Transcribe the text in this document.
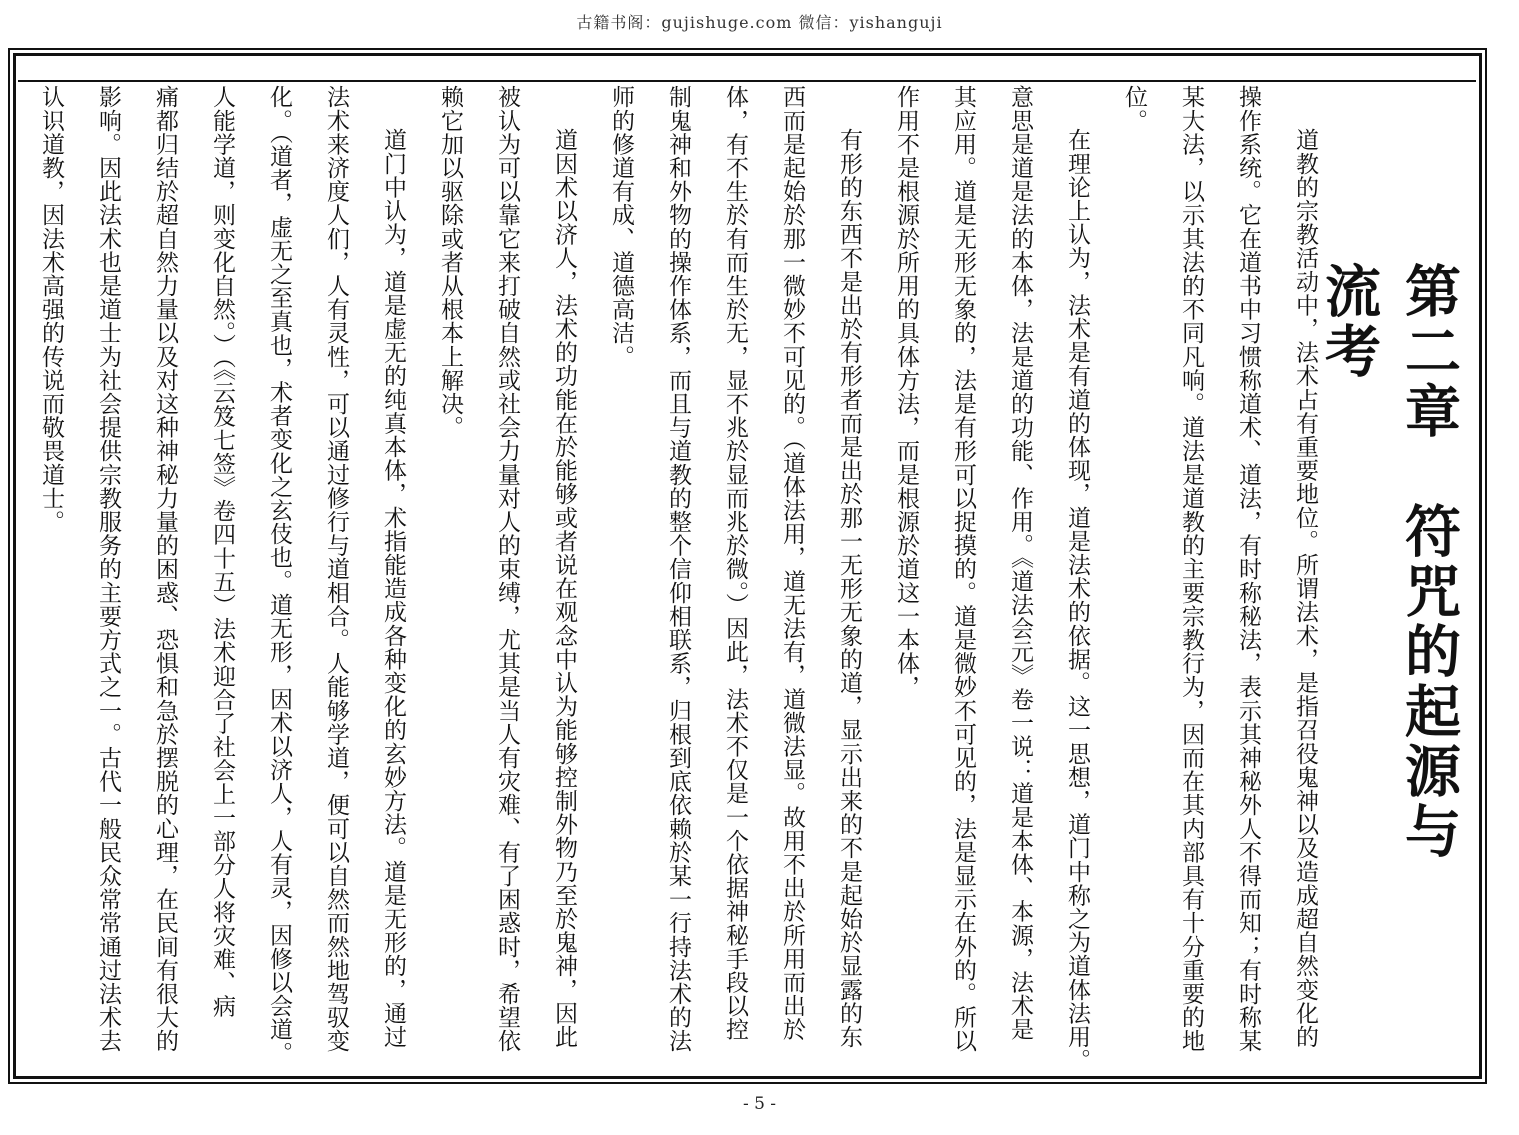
古籍书阁：gujishuge.com 微信：yishanguji
第二章　符咒的起源与流考
道教的宗教活动中，法术占有重要地位。所谓法术，是指召役鬼神以及造成超自然变化的
操作系统。它在道书中习惯称道术、道法，有时称秘法，表示其神秘外人不得而知；有时称某
某大法，以示其法的不同凡响。道法是道教的主要宗教行为，因而在其内部具有十分重要的地
位。
在理论上认为，法术是有道的体现，道是法术的依据。这一思想，道门中称之为道体法用。
意思是道是法的本体，法是道的功能、作用。《道法会元》卷一说：道是本体、本源，法术是
其应用。道是无形无象的，法是有形可以捉摸的。道是微妙不可见的，法是显示在外的。所以
作用不是根源於所用的具体方法，而是根源於道这一本体，
有形的东西不是出於有形者而是出於那一无形无象的道，显示出来的不是起始於显露的东
西而是起始於那一微妙不可见的。（道体法用，道无法有，道微法显。故用不出於所用而出於
体，有不生於有而生於无，显不兆於显而兆於微。）因此，法术不仅是一个依据神秘手段以控
制鬼神和外物的操作体系，而且与道教的整个信仰相联系，归根到底依赖於某一行持法术的法
师的修道有成、道德高洁。
道因术以济人，法术的功能在於能够或者说在观念中认为能够控制外物乃至於鬼神，因此
被认为可以靠它来打破自然或社会力量对人的束缚，尤其是当人有灾难、有了困惑时，希望依
赖它加以驱除或者从根本上解决。
道门中认为，道是虚无的纯真本体，术指能造成各种变化的玄妙方法。道是无形的，通过
法术来济度人们，人有灵性，可以通过修行与道相合。人能够学道，便可以自然而然地驾驭变
化。（道者，虚无之至真也，术者变化之玄伎也。道无形，因术以济人，人有灵，因修以会道。
人能学道，则变化自然。）（《云笈七签》卷四十五）法术迎合了社会上一部分人将灾难、病
痛都归结於超自然力量以及对这种神秘力量的困惑、恐惧和急於摆脱的心理，在民间有很大的
影响。因此法术也是道士为社会提供宗教服务的主要方式之一。古代一般民众常常通过法术去
认识道教，因法术高强的传说而敬畏道士。
- 5 -
